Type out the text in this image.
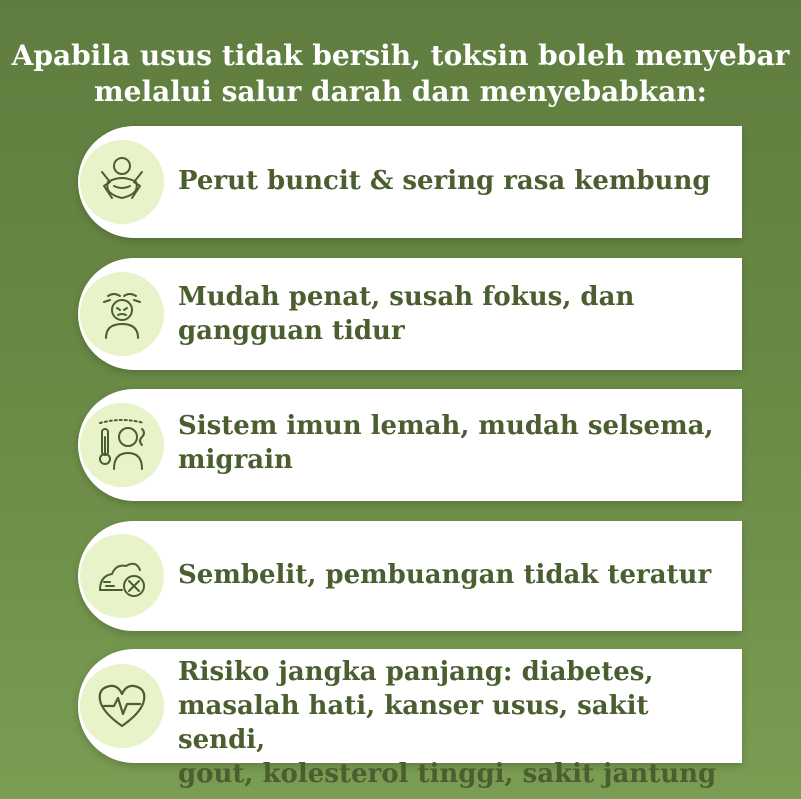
Apabila usus tidak bersih, toksin boleh menyebar
melalui salur darah dan menyebabkan:
Perut buncit & sering rasa kembung
Mudah penat, susah fokus, dan
gangguan tidur
Sistem imun lemah, mudah selsema,
migrain
Sembelit, pembuangan tidak teratur
Risiko jangka panjang: diabetes,
masalah hati, kanser usus, sakit sendi,
gout, kolesterol tinggi, sakit jantung
